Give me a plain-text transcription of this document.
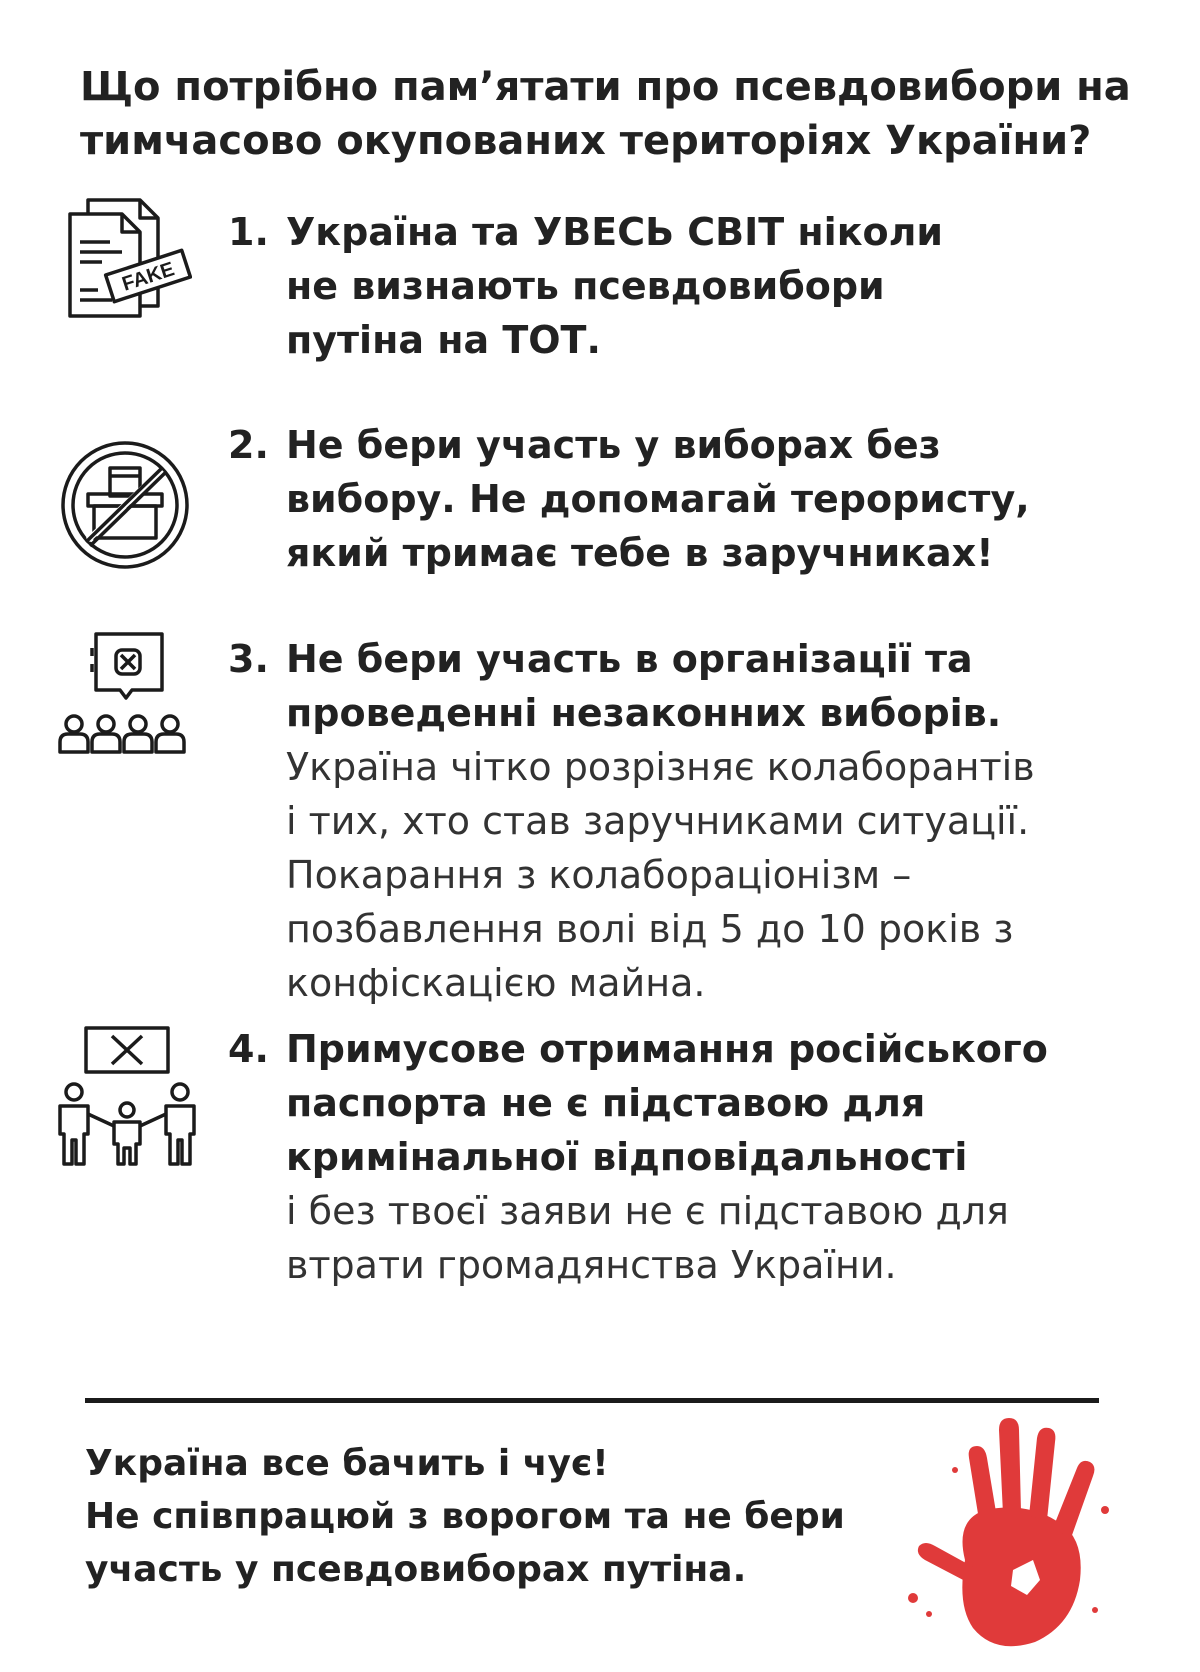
Що потрібно пам’ятати про псевдовибори на
тимчасово окупованих територіях України?
FAKE
1. Україна та УВЕСЬ СВІТ ніколи
не визнають псевдовибори
путіна на ТОТ.
2. Не бери участь у виборах без
вибору. Не допомагай терористу,
який тримає тебе в заручниках!
3. Не бери участь в організації та
проведенні незаконних виборів.
Україна чітко розрізняє колаборантів
і тих, хто став заручниками ситуації.
Покарання з колабораціонізм –
позбавлення волі від 5 до 10 років з
конфіскацією майна.
4. Примусове отримання російського
паспорта не є підставою для
кримінальної відповідальності
і без твоєї заяви не є підставою для
втрати громадянства України.
Україна все бачить і чує!
Не співпрацюй з ворогом та не бери
участь у псевдовиборах путіна.
